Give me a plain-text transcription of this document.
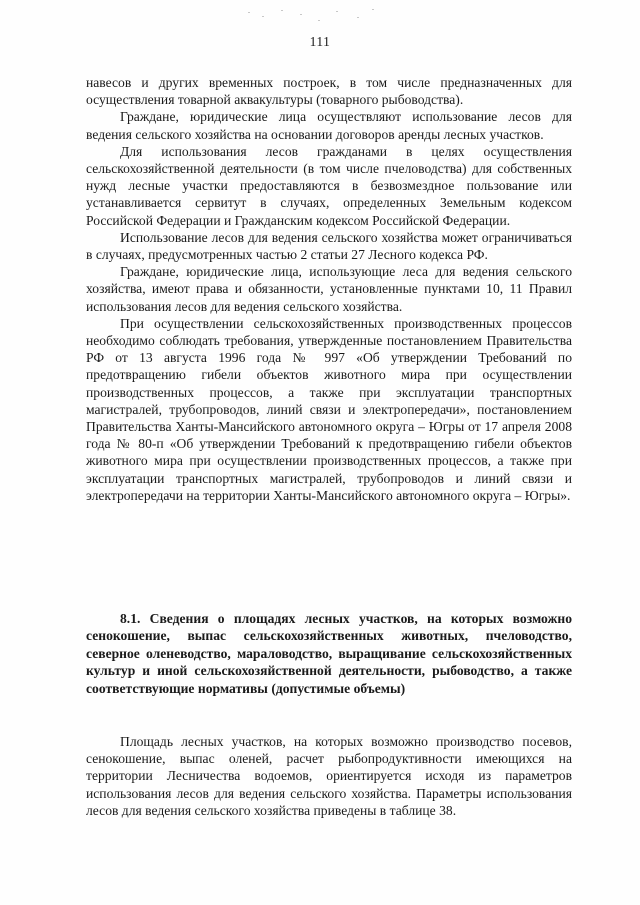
111

навесов и других временных построек, в том числе предназначенных для осуществления товарной аквакультуры (товарного рыбоводства).

Граждане, юридические лица осуществляют использование лесов для ведения сельского хозяйства на основании договоров аренды лесных участков.

Для использования лесов гражданами в целях осуществления сельскохозяйственной деятельности (в том числе пчеловодства) для собственных нужд лесные участки предоставляются в безвозмездное пользование или устанавливается сервитут в случаях, определенных Земельным кодексом Российской Федерации и Гражданским кодексом Российской Федерации.

Использование лесов для ведения сельского хозяйства может ограничиваться в случаях, предусмотренных частью 2 статьи 27 Лесного кодекса РФ.

Граждане, юридические лица, использующие леса для ведения сельского хозяйства, имеют права и обязанности, установленные пунктами 10, 11 Правил использования лесов для ведения сельского хозяйства.

При осуществлении сельскохозяйственных производственных процессов необходимо соблюдать требования, утвержденные постановлением Правительства РФ от 13 августа 1996 года № 997 «Об утверждении Требований по предотвращению гибели объектов животного мира при осуществлении производственных процессов, а также при эксплуатации транспортных магистралей, трубопроводов, линий связи и электропередачи», постановлением Правительства Ханты-Мансийского автономного округа – Югры от 17 апреля 2008 года № 80-п «Об утверждении Требований к предотвращению гибели объектов животного мира при осуществлении производственных процессов, а также при эксплуатации транспортных магистралей, трубопроводов и линий связи и электропередачи на территории Ханты-Мансийского автономного округа – Югры».

8.1. Сведения о площадях лесных участков, на которых возможно сенокошение, выпас сельскохозяйственных животных, пчеловодство, северное оленеводство, мараловодство, выращивание сельскохозяйственных культур и иной сельскохозяйственной деятельности, рыбоводство, а также соответствующие нормативы (допустимые объемы)

Площадь лесных участков, на которых возможно производство посевов, сенокошение, выпас оленей, расчет рыбопродуктивности имеющихся на территории Лесничества водоемов, ориентируется исходя из параметров использования лесов для ведения сельского хозяйства. Параметры использования лесов для ведения сельского хозяйства приведены в таблице 38.
